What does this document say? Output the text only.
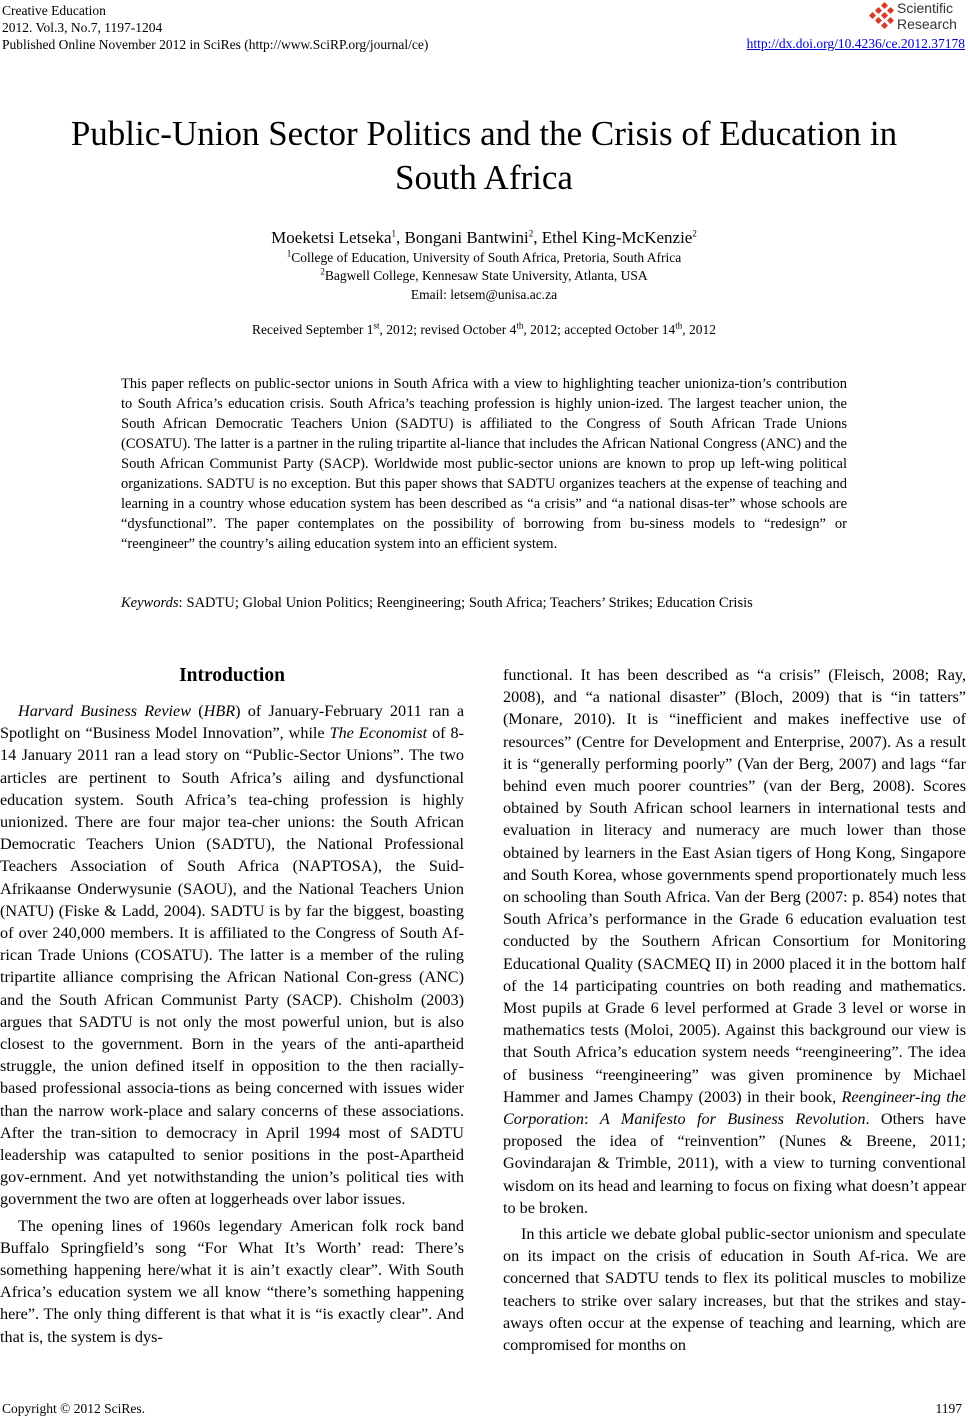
Creative Education
2012. Vol.3, No.7, 1197-1204
Published Online November 2012 in SciRes (http://www.SciRP.org/journal/ce)
Scientific
Research
http://dx.doi.org/10.4236/ce.2012.37178
Public-Union Sector Politics and the Crisis of Education in South Africa
Moeketsi Letseka$^1$, Bongani Bantwini$^2$, Ethel King-McKenzie$^2$
$^1$College of Education, University of South Africa, Pretoria, South Africa
$^2$Bagwell College, Kennesaw State University, Atlanta, USA
Email: letsem@unisa.ac.za
Received September 1st, 2012; revised October 4th, 2012; accepted October 14th, 2012
This paper reflects on public-sector unions in South Africa with a view to highlighting teacher unioniza-tion’s contribution to South Africa’s education crisis. South Africa’s teaching profession is highly union-ized. The largest teacher union, the South African Democratic Teachers Union (SADTU) is affiliated to the Congress of South African Trade Unions (COSATU). The latter is a partner in the ruling tripartite al-liance that includes the African National Congress (ANC) and the South African Communist Party (SACP). Worldwide most public-sector unions are known to prop up left-wing political organizations. SADTU is no exception. But this paper shows that SADTU organizes teachers at the expense of teaching and learning in a country whose education system has been described as “a crisis” and “a national disas-ter” whose schools are “dysfunctional”. The paper contemplates on the possibility of borrowing from bu-siness models to “redesign” or “reengineer” the country’s ailing education system into an efficient system.
Keywords: SADTU; Global Union Politics; Reengineering; South Africa; Teachers’ Strikes; Education Crisis
Introduction

Harvard Business Review (HBR) of January-February 2011 ran a Spotlight on “Business Model Innovation”, while The Economist of 8-14 January 2011 ran a lead story on “Public-Sector Unions”. The two articles are pertinent to South Africa’s ailing and dysfunctional education system. South Africa’s tea-ching profession is highly unionized. There are four major tea-cher unions: the South African Democratic Teachers Union (SADTU), the National Professional Teachers Association of South Africa (NAPTOSA), the Suid-Afrikaanse Onderwysunie (SAOU), and the National Teachers Union (NATU) (Fiske & Ladd, 2004). SADTU is by far the biggest, boasting of over 240,000 members. It is affiliated to the Congress of South Af-rican Trade Unions (COSATU). The latter is a member of the ruling tripartite alliance comprising the African National Con-gress (ANC) and the South African Communist Party (SACP). Chisholm (2003) argues that SADTU is not only the most powerful union, but is also closest to the government. Born in the years of the anti-apartheid struggle, the union defined itself in opposition to the then racially-based professional associa-tions as being concerned with issues wider than the narrow work-place and salary concerns of these associations. After the tran-sition to democracy in April 1994 most of SADTU leadership was catapulted to senior positions in the post-Apartheid gov-ernment. And yet notwithstanding the union’s political ties with government the two are often at loggerheads over labor issues.

The opening lines of 1960s legendary American folk rock band Buffalo Springfield’s song “For What It’s Worth’ read: There’s something happening here/what it is ain’t exactly clear”. With South Africa’s education system we all know “there’s something happening here”. The only thing different is that what it is “is exactly clear”. And that is, the system is dys-

functional. It has been described as “a crisis” (Fleisch, 2008; Ray, 2008), and “a national disaster” (Bloch, 2009) that is “in tatters” (Monare, 2010). It is “inefficient and makes ineffective use of resources” (Centre for Development and Enterprise, 2007). As a result it is “generally performing poorly” (Van der Berg, 2007) and lags “far behind even much poorer countries” (van der Berg, 2008). Scores obtained by South African school learners in international tests and evaluation in literacy and numeracy are much lower than those obtained by learners in the East Asian tigers of Hong Kong, Singapore and South Korea, whose governments spend proportionately much less on schooling than South Africa. Van der Berg (2007: p. 854) notes that South Africa’s performance in the Grade 6 education evaluation test conducted by the Southern African Consortium for Monitoring Educational Quality (SACMEQ II) in 2000 placed it in the bottom half of the 14 participating countries on both reading and mathematics. Most pupils at Grade 6 level performed at Grade 3 level or worse in mathematics tests (Moloi, 2005). Against this background our view is that South Africa’s education system needs “reengineering”. The idea of business “reengineering” was given prominence by Michael Hammer and James Champy (2003) in their book, Reengineer-ing the Corporation: A Manifesto for Business Revolution. Others have proposed the idea of “reinvention” (Nunes & Breene, 2011; Govindarajan & Trimble, 2011), with a view to turning conventional wisdom on its head and learning to focus on fixing what doesn’t appear to be broken.

In this article we debate global public-sector unionism and speculate on its impact on the crisis of education in South Af-rica. We are concerned that SADTU tends to flex its political muscles to mobilize teachers to strike over salary increases, but that the strikes and stay-aways often occur at the expense of teaching and learning, which are compromised for months on

Copyright © 2012 SciRes.	1197
